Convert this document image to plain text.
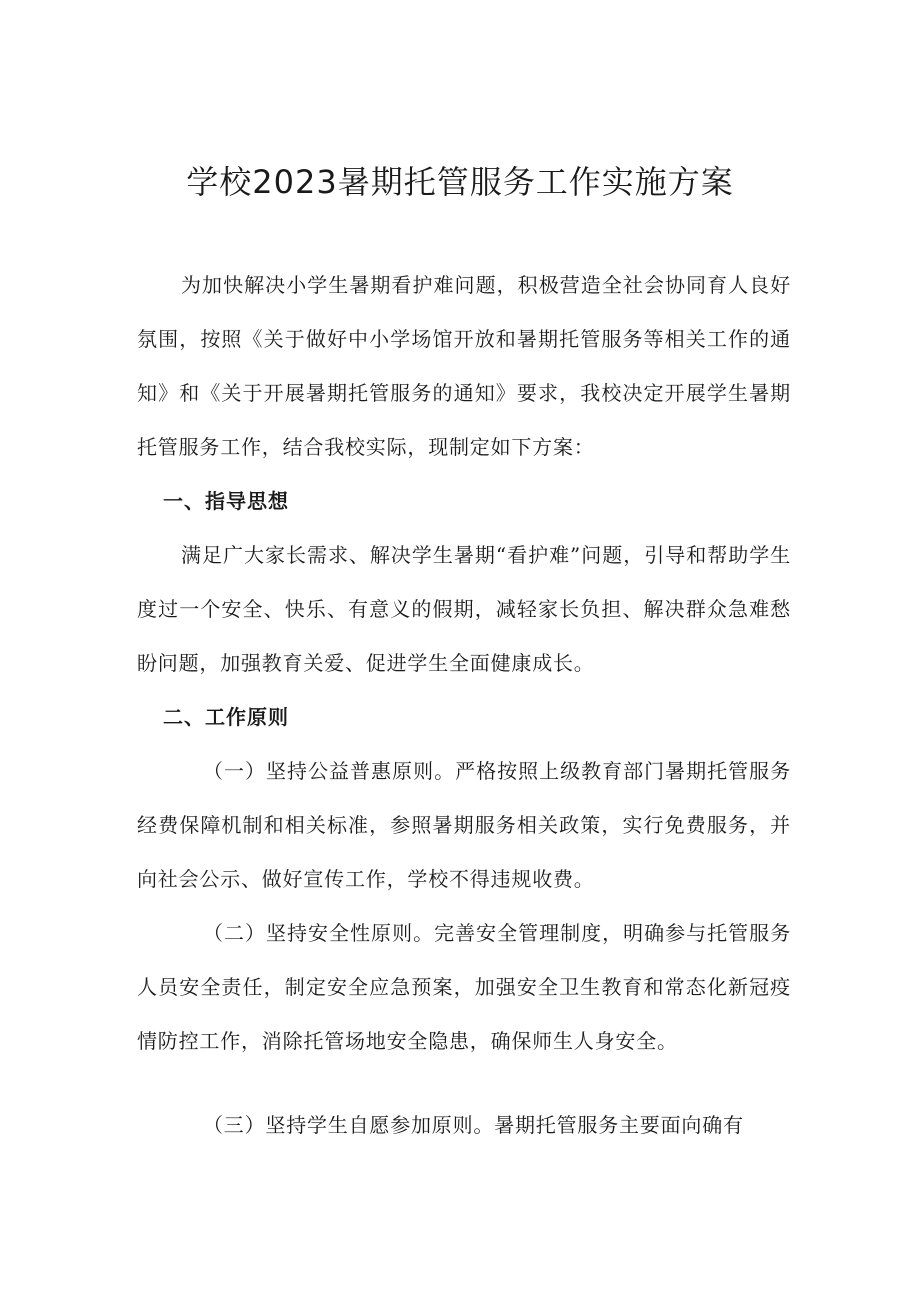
学校2023暑期托管服务工作实施方案

为加快解决小学生暑期看护难问题，积极营造全社会协同育人良好氛围，按照《关于做好中小学场馆开放和暑期托管服务等相关工作的通知》和《关于开展暑期托管服务的通知》要求，我校决定开展学生暑期托管服务工作，结合我校实际，现制定如下方案：

一、指导思想

满足广大家长需求、解决学生暑期“看护难”问题，引导和帮助学生度过一个安全、快乐、有意义的假期，减轻家长负担、解决群众急难愁盼问题，加强教育关爱、促进学生全面健康成长。

二、工作原则

（一）坚持公益普惠原则。严格按照上级教育部门暑期托管服务经费保障机制和相关标准，参照暑期服务相关政策，实行免费服务，并向社会公示、做好宣传工作，学校不得违规收费。

（二）坚持安全性原则。完善安全管理制度，明确参与托管服务人员安全责任，制定安全应急预案，加强安全卫生教育和常态化新冠疫情防控工作，消除托管场地安全隐患，确保师生人身安全。

（三）坚持学生自愿参加原则。暑期托管服务主要面向确有
